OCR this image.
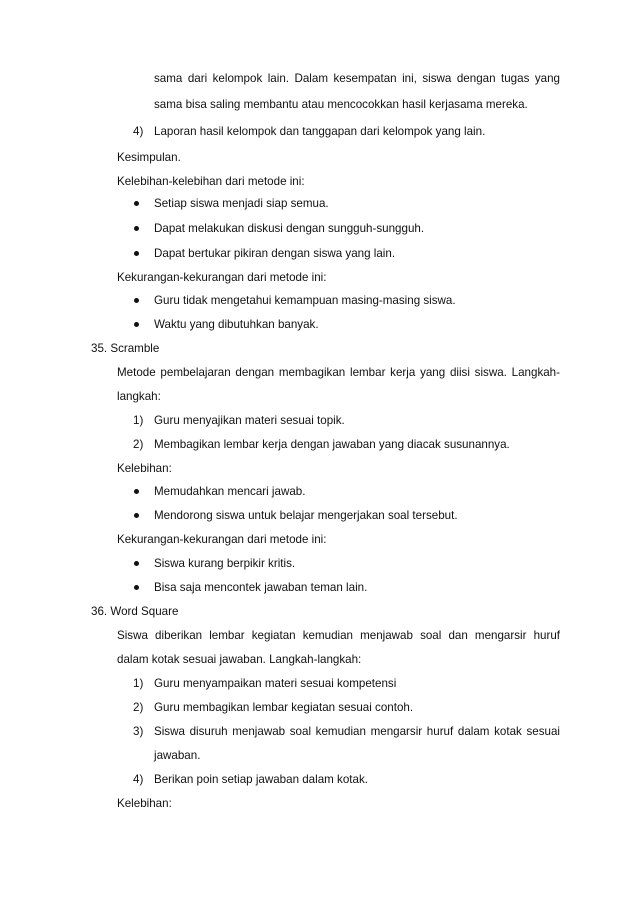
sama dari kelompok lain. Dalam kesempatan ini, siswa dengan tugas yang
sama bisa saling membantu atau mencocokkan hasil kerjasama mereka.
4) Laporan hasil kelompok dan tanggapan dari kelompok yang lain.
Kesimpulan.
Kelebihan-kelebihan dari metode ini:
Setiap siswa menjadi siap semua.
Dapat melakukan diskusi dengan sungguh-sungguh.
Dapat bertukar pikiran dengan siswa yang lain.
Kekurangan-kekurangan dari metode ini:
Guru tidak mengetahui kemampuan masing-masing siswa.
Waktu yang dibutuhkan banyak.
35. Scramble
Metode pembelajaran dengan membagikan lembar kerja yang diisi siswa. Langkah-
langkah:
1) Guru menyajikan materi sesuai topik.
2) Membagikan lembar kerja dengan jawaban yang diacak susunannya.
Kelebihan:
Memudahkan mencari jawab.
Mendorong siswa untuk belajar mengerjakan soal tersebut.
Kekurangan-kekurangan dari metode ini:
Siswa kurang berpikir kritis.
Bisa saja mencontek jawaban teman lain.
36. Word Square
Siswa diberikan lembar kegiatan kemudian menjawab soal dan mengarsir huruf
dalam kotak sesuai jawaban. Langkah-langkah:
1) Guru menyampaikan materi sesuai kompetensi
2) Guru membagikan lembar kegiatan sesuai contoh.
3) Siswa disuruh menjawab soal kemudian mengarsir huruf dalam kotak sesuai
jawaban.
4) Berikan poin setiap jawaban dalam kotak.
Kelebihan:
